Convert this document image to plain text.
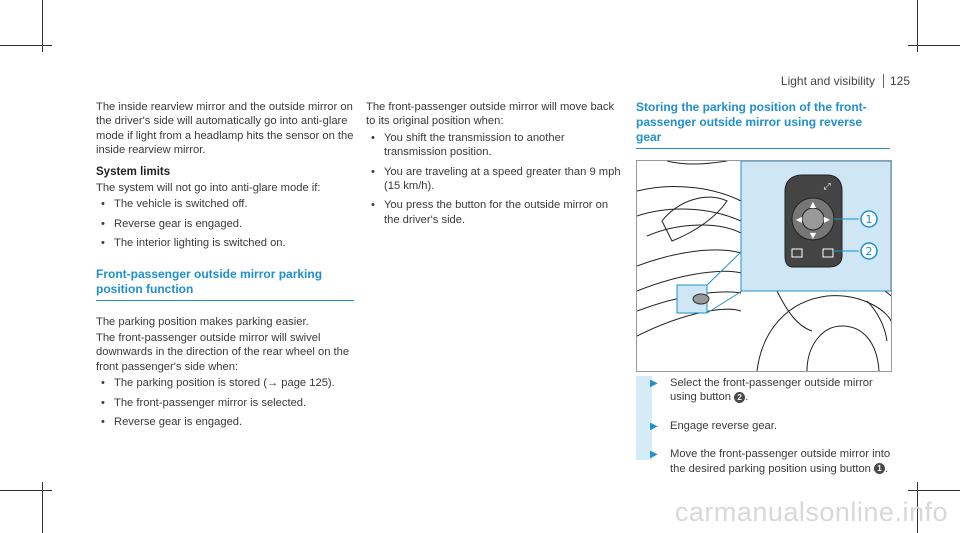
Light and visibility	125

The inside rearview mirror and the outside mirror on the driver's side will automatically go into anti-glare mode if light from a headlamp hits the sensor on the inside rearview mirror.

System limits

The system will not go into anti-glare mode if:

• The vehicle is switched off.
• Reverse gear is engaged.
• The interior lighting is switched on.
Front-passenger outside mirror parking position function

The parking position makes parking easier.

The front-passenger outside mirror will swivel downwards in the direction of the rear wheel on the front passenger's side when:

• The parking position is stored (→ page 125).
• The front-passenger mirror is selected.
• Reverse gear is engaged.

The front-passenger outside mirror will move back to its original position when:

• You shift the transmission to another transmission position.
• You are traveling at a speed greater than 9 mph (15 km/h).
• You press the button for the outside mirror on the driver's side.
Storing the parking position of the front-passenger outside mirror using reverse gear
▲
▼
◀	▶
⤢
1
2
▶ Select the front-passenger outside mirror using button 2 .
▶ Engage reverse gear.
▶ Move the front-passenger outside mirror into the desired parking position using button 1 .
carmanualsonline.info
